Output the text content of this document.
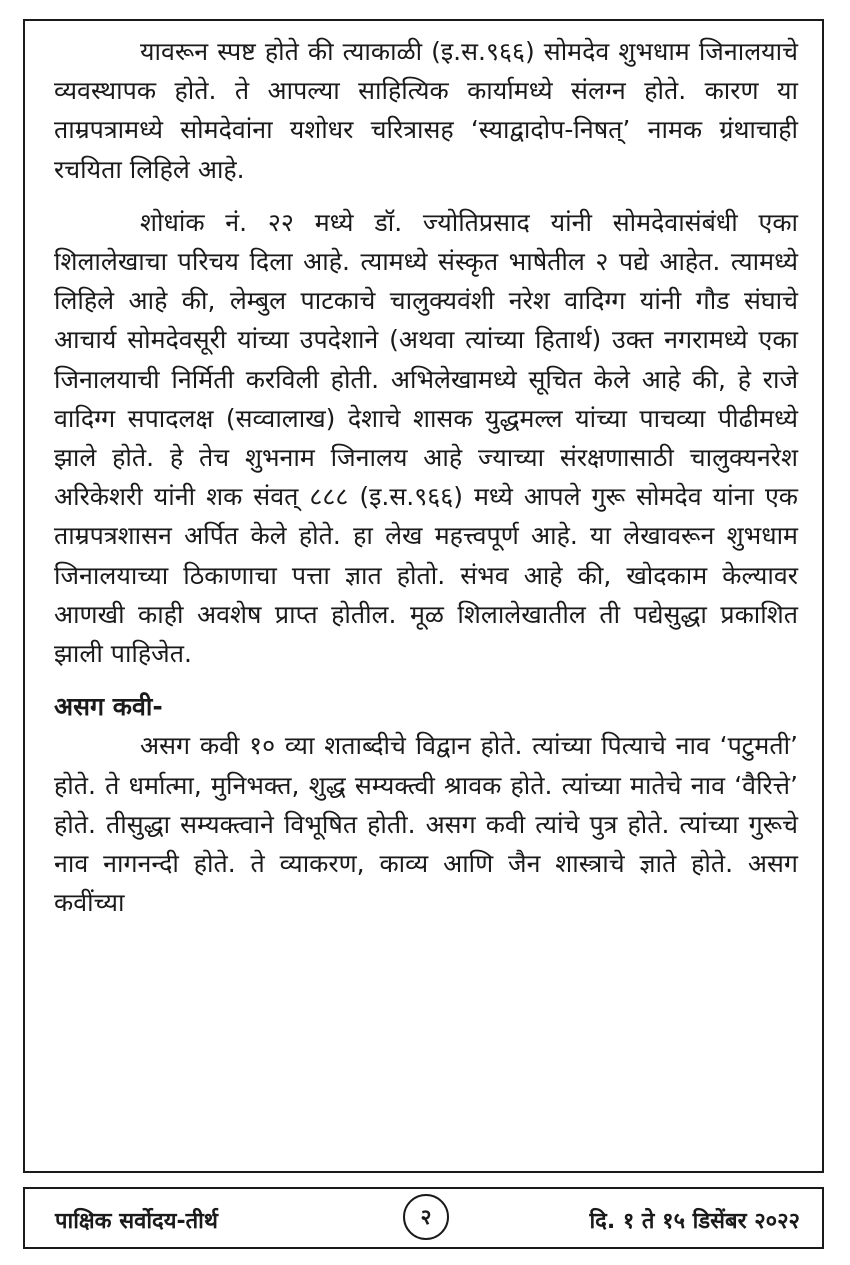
यावरून स्पष्ट होते की त्याकाळी (इ.स.९६६) सोमदेव शुभधाम जिनालयाचे व्यवस्थापक होते. ते आपल्या साहित्यिक कार्यामध्ये संलग्न होते. कारण या ताम्रपत्रामध्ये सोमदेवांना यशोधर चरित्रासह ‘स्याद्वादोप-निषत्’ नामक ग्रंथाचाही रचयिता लिहिले आहे.

शोधांक नं. २२ मध्ये डॉ. ज्योतिप्रसाद यांनी सोमदेवासंबंधी एका शिलालेखाचा परिचय दिला आहे. त्यामध्ये संस्कृत भाषेतील २ पद्ये आहेत. त्यामध्ये लिहिले आहे की, लेम्बुल पाटकाचे चालुक्यवंशी नरेश वादिग्ग यांनी गौड संघाचे आचार्य सोमदेवसूरी यांच्या उपदेशाने (अथवा त्यांच्या हितार्थ) उक्त नगरामध्ये एका जिनालयाची निर्मिती करविली होती. अभिलेखामध्ये सूचित केले आहे की, हे राजे वादिग्ग सपादलक्ष (सव्वालाख) देशाचे शासक युद्धमल्ल यांच्या पाचव्या पीढीमध्ये झाले होते. हे तेच शुभनाम जिनालय आहे ज्याच्या संरक्षणासाठी चालुक्यनरेश अरिकेशरी यांनी शक संवत् ८८८ (इ.स.९६६) मध्ये आपले गुरू सोमदेव यांना एक ताम्रपत्रशासन अर्पित केले होते. हा लेख महत्त्वपूर्ण आहे. या लेखावरून शुभधाम जिनालयाच्या ठिकाणाचा पत्ता ज्ञात होतो. संभव आहे की, खोदकाम केल्यावर आणखी काही अवशेष प्राप्त होतील. मूळ शिलालेखातील ती पद्येसुद्धा प्रकाशित झाली पाहिजेत.

असग कवी-

असग कवी १० व्या शताब्दीचे विद्वान होते. त्यांच्या पित्याचे नाव ‘पटुमती’ होते. ते धर्मात्मा, मुनिभक्त, शुद्ध सम्यक्त्वी श्रावक होते. त्यांच्या मातेचे नाव ‘वैरित्ते’ होते. तीसुद्धा सम्यक्त्वाने विभूषित होती. असग कवी त्यांचे पुत्र होते. त्यांच्या गुरूचे नाव नागनन्दी होते. ते व्याकरण, काव्य आणि जैन शास्त्राचे ज्ञाते होते. असग कवींच्या

पाक्षिक सर्वोदय-तीर्थ	२	दि. १ ते १५ डिसेंबर २०२२
